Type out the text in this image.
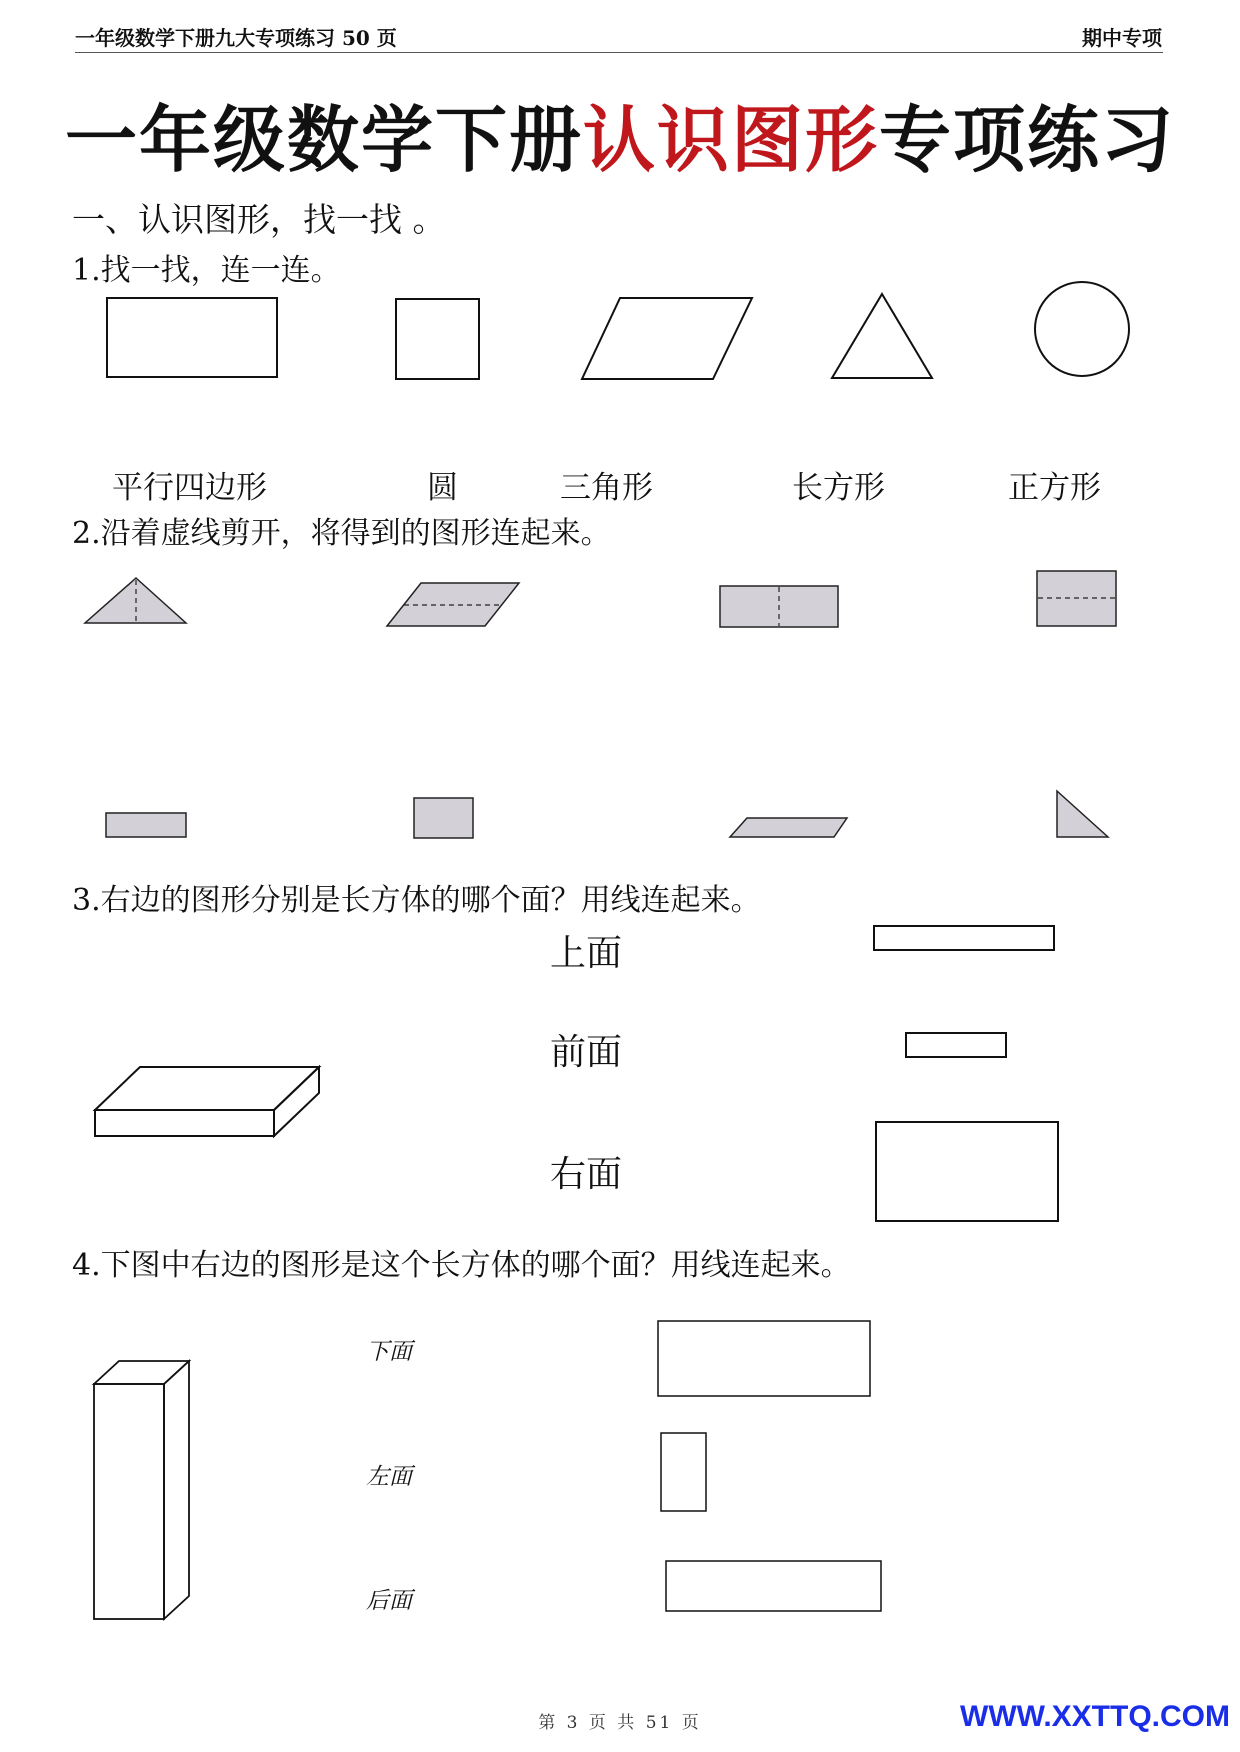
一年级数学下册九大专项练习 50 页	期中专项
一年级数学下册认识图形专项练习
一、认识图形，找一找 。
1.找一找，连一连。
平行四边形	圆	三角形	长方形	正方形
2.沿着虚线剪开，将得到的图形连起来。
3.右边的图形分别是长方体的哪个面？用线连起来。
上面
前面
右面
4.下图中右边的图形是这个长方体的哪个面？用线连起来。
下面
左面
后面
第 3 页 共 51 页	WWW.XXTTQ.COM
